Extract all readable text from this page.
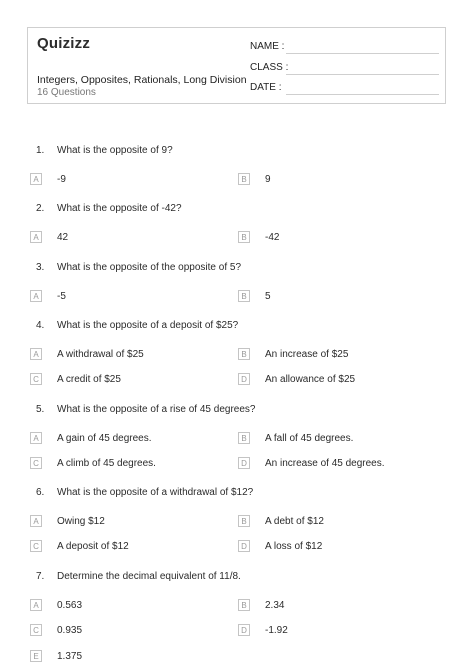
Quizizz
Integers, Opposites, Rationals, Long Division
16 Questions
NAME :
CLASS :
DATE :
1. What is the opposite of 9?
A	-9	B	9
2. What is the opposite of -42?
A	42	B	-42
3. What is the opposite of the opposite of 5?
A	-5	B	5
4. What is the opposite of a deposit of $25?
A	A withdrawal of $25	B	An increase of $25
C	A credit of $25	D	An allowance of $25
5. What is the opposite of a rise of 45 degrees?
A	A gain of 45 degrees.	B	A fall of 45 degrees.
C	A climb of 45 degrees.	D	An increase of 45 degrees.
6. What is the opposite of a withdrawal of $12?
A	Owing $12	B	A debt of $12
C	A deposit of $12	D	A loss of $12
7. Determine the decimal equivalent of 11/8.
A	0.563	B	2.34
C	0.935	D	-1.92
E	1.375
